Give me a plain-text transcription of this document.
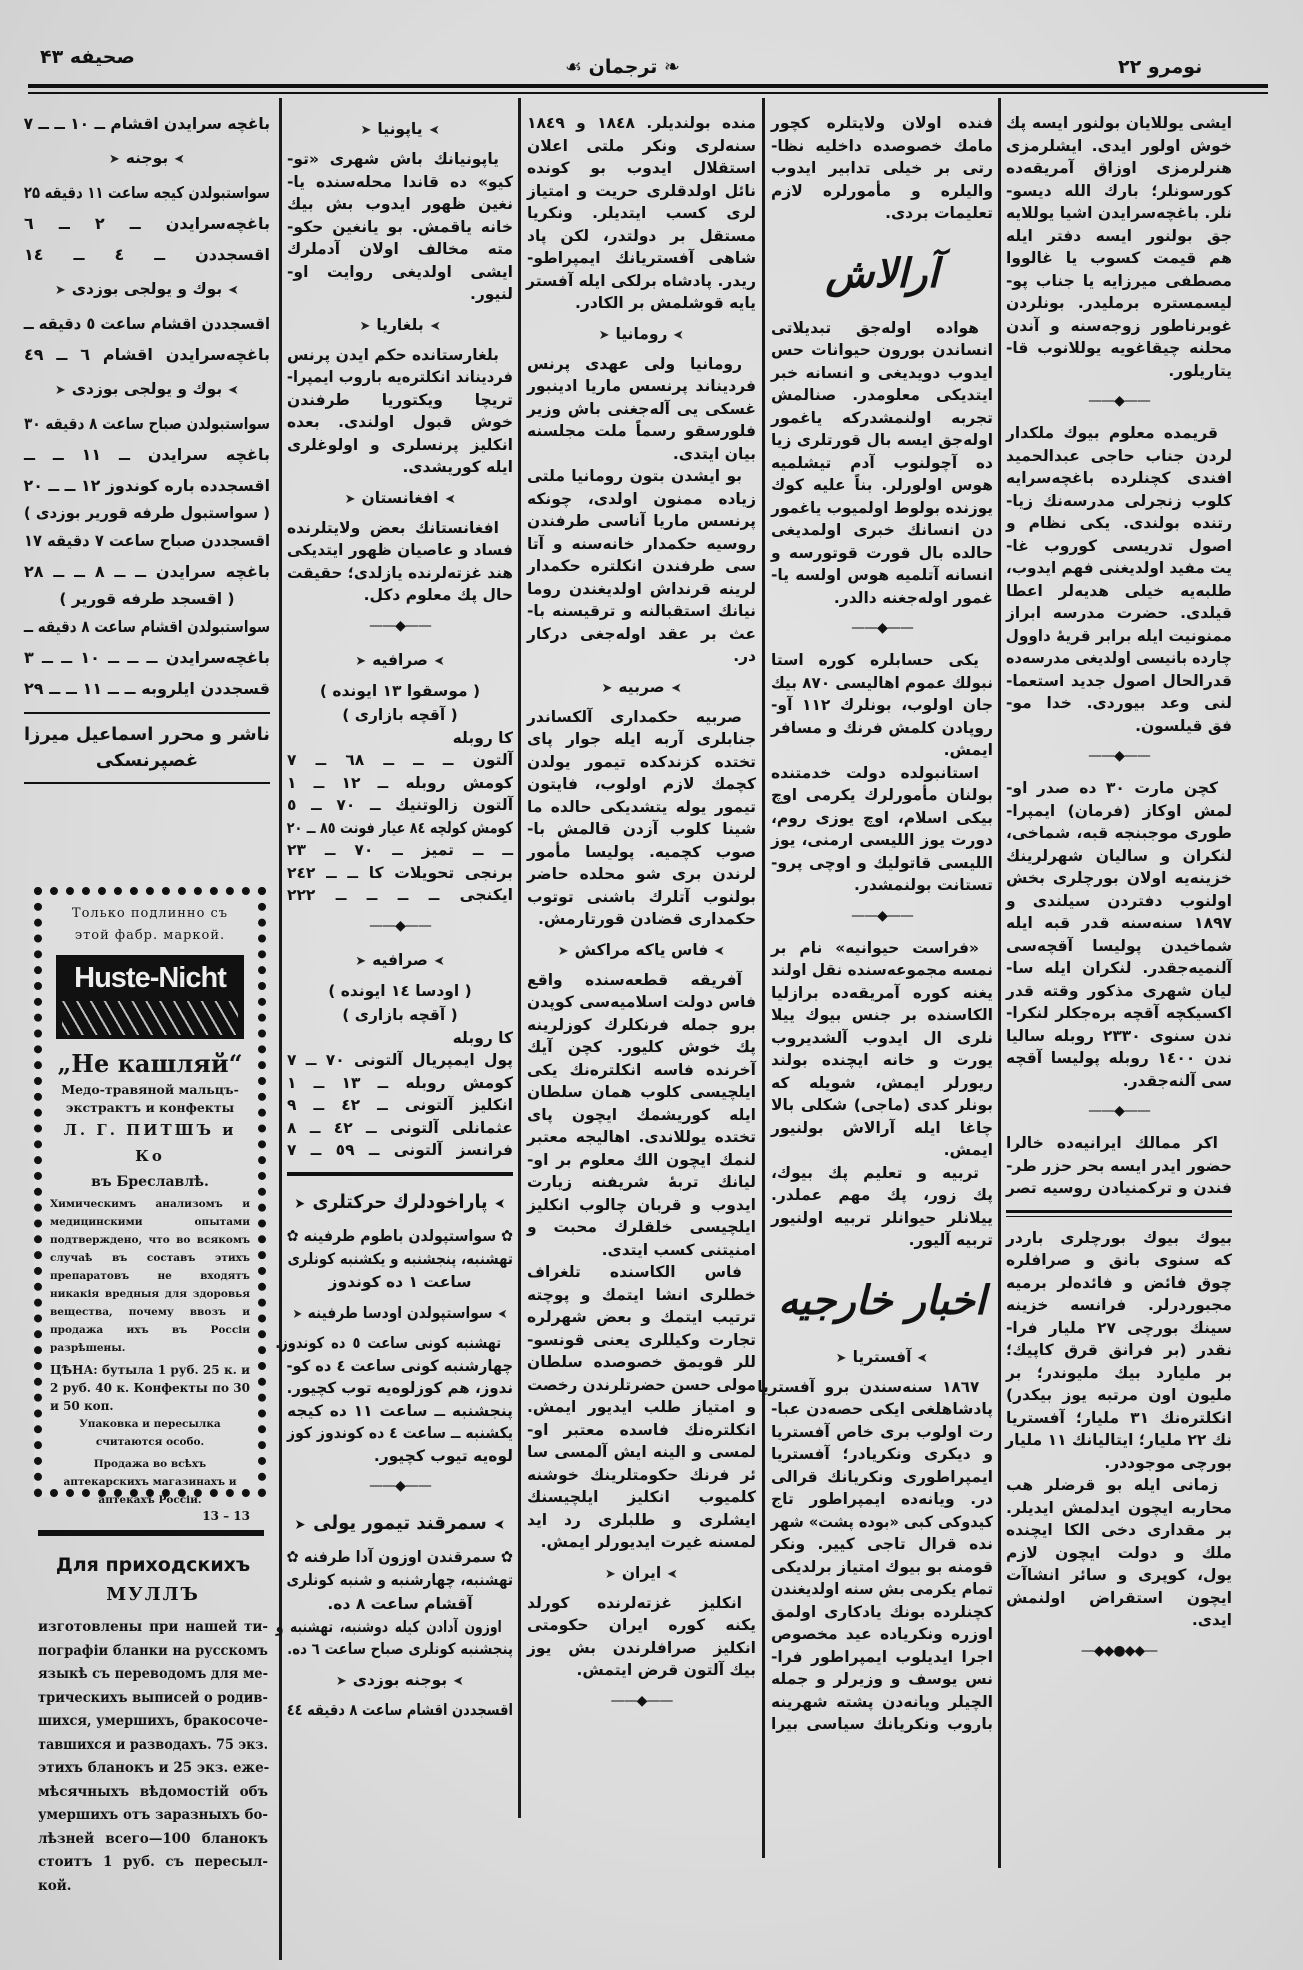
صحیفه ۴۳	❧ ترجمان ☙	نومرو ۲۲
باغچه سرایدن اقشام ــ ۱۰ ــ ــ ۷
➤بوجنه➤
سواستبولدن کیجه ساعت ۱۱ دقیقه ۲۵
باغچه‌سرایدن ــ ۲ ــ ٦
اقسجددن ــ ٤ ــ ۱٤
➤بوك و یولجی بوزدی➤
اقسجددن اقشام ساعت ٥ دقیقه ــ
باغچه‌سرایدن اقشام ٦ ــ ٤۹
➤بوك و یولجی بوزدی➤
سواستبولدن صباح ساعت ۸ دقیقه ۳۰
باغچه سرایدن ــ ۱۱ ــ ــ
اقسجدده باره کوندوز ۱۲ ــ ــ ۲۰
( سواستبول طرفه قوریر بوزدی )
اقسجددن صباح ساعت ۷ دقیقه ۱۷
باغچه سرایدن ــ ــ ۸ ــ ــ ۲۸
( اقسجد طرفه قوریر )
سواستبولدن اقشام ساعت ۸ دقیقه ــ
باغچه‌سرایدن ــ ــ ــ ۱۰ ــ ــ ۳
قسجددن ایلروبه ــ ــ ۱۱ ــ ــ ۲۹
ناشر و محرر اسماعیل میرزا
غصپرنسکی
➤یاپونیا➤
یاپونیانك باش شهری «تو-
کیو» ده قاندا محله‌سنده یا-
نغین ظهور ایدوب بش بیك
خانه یاقمش. بو یانغین حکو-
مته مخالف اولان آدملرك
ایشی اولدیغی روایت او-
لنیور.
➤بلغاریا➤
بلغارستانده حکم ایدن پرنس
فردیناند انکلتره‌یه باروب ایمپرا-
تریچا ویکتوریا طرفندن
خوش قبول اولندی. بعده
انکلیز پرنسلری و اولوغلری
ایله کوریشدی.
➤افغانستان➤
افغانستانك بعض ولایتلرنده
فساد و عاصیان ظهور ایتدیکی
هند غزته‌لرنده یازلدی؛ حقیقت
حال پك معلوم دکل.
——◆——
➤صرافیه➤
( موسقوا ۱۳ ایونده )
( آقچه بازاری )
كا روبله
آلتون ــ ــ ــ ٦۸ ــ ۷
کومش روبله ــ ۱۲ ــ ۱
آلتون زالوتنیك ــ ۷۰ ــ ٥
کومش کولچه ۸٤ عیار فونت ۸٥ ــ ۲۰
ــ ــ تمیز ــ ۷۰ ــ ۲۳
برنجی تحویلات كا ــ ــ ۲٤۲
ایکنجی ــ ــ ــ ــ ۲۲۲
——◆——
➤صرافیه➤
( اودسا ۱٤ ایونده )
( آقچه بازاری )
كا روبله
پول ایمپریال آلتونی ۷۰ ــ ۷
کومش روبله ــ ۱۳ ــ ۱
انکلیز آلتونی ــ ٤۲ ــ ۹
عثمانلی آلتونی ــ ٤۲ ــ ۸
فرانسز آلتونی ــ ٥۹ ــ ۷
➤پاراخودلرك حرکتلری➤
✿ سواستپولدن باطوم طرفینه ✿
تهشنبه، پنجشنبه و یکشنبه کونلری
ساعت ۱ ده کوندوز
➤سواستپولدن اودسا طرفینه➤
تهشنبه کونی ساعت ٥ ده کوندوز.
چهارشنبه کونی ساعت ٤ ده کو-
ندوز، هم کوزلوه‌یه توب کچیور.
پنجشنبه ــ ساعت ۱۱ ده کیجه
یکشنبه ــ ساعت ٤ ده کوندوز کوز
لوه‌یه تیوب کچیور.
——◆——
➤سمرقند تیمور یولی➤
✿ سمرقندن اوزون آدا طرفنه ✿
تهشنبه، چهارشنبه و شنبه کونلری
آقشام ساعت ۸ ده.
اوزون آدادن کیله دوشنبه، تهشنبه و
پنجشنبه کونلری صباح ساعت ٦ ده.
➤بوجنه بوزدی➤
اقسجددن اقشام ساعت ۸ دقیقه ٤٤
منده بولندیلر. ۱۸٤۸ و ۱۸٤۹
سنه‌لری ونکر ملتی اعلان
استقلال ایدوب بو کونده
نائل اولدقلری حریت و امتیاز
لری کسب ایتدیلر. ونکریا
مستقل بر دولتدر، لکن پاد
شاهی آفستریانك ایمپراطو-
ریدر. پادشاه برلکی ایله آفستر
یایه قوشلمش بر الکادر.
➤رومانیا➤
رومانیا ولی عهدی پرنس
فردیناند پرنسس ماریا ادینبور
غسکی یی آله‌جغنی باش وزیر
فلورسقو رسماً ملت مجلسنه
بیان ایتدی.
بو ایشدن بتون رومانیا ملتی
زیاده ممنون اولدی، چونکه
پرنسس ماریا آناسی طرفندن
روسیه حکمدار خانه‌سنه و آتا
سی طرفندن انکلتره حکمدار
لرینه قرنداش اولدیغندن روما
نیانك استقبالنه و ترقیسنه با-
عث بر عقد اوله‌جغی درکار
در.
➤صربیه➤
صربیه حکمداری آلکساندر
جنابلری آربه ایله جوار پای
تختده کزندکده تیمور یولدن
کچمك لازم اولوب، فایتون
تیمور یوله یتشدیکی حالده ما
شینا کلوب آزدن قالمش با-
صوب کچمیه. پولیسا مأمور
لرندن بری شو محلده حاضر
بولنوب آتلرك باشنی توتوب
حکمداری قضادن قورتارمش.
➤فاس یاکه مراکش➤
آفریقه قطعه‌سنده واقع
فاس دولت اسلامیه‌سی کوپدن
برو جمله فرنکلرك کوزلرینه
پك خوش کلیور. کچن آیك
آخرنده فاسه انکلتره‌نك یکی
ایلچیسی کلوب همان سلطان
ایله کوریشمك ایچون پای
تختده یوللاندی. اهالیجه معتبر
لنمك ایچون الك معلوم بر او-
لیانك تربهٔ شریفنه زیارت
ایدوب و قربان چالوب انکلیز
ایلچیسی خلقلرك محبت و
امنیتنی کسب ایتدی.
فاس الکاسنده تلغراف
خطلری انشا ایتمك و پوچته
ترتیب ایتمك و بعض شهرلره
تجارت وکیللری یعنی قونسو-
للر قویمق خصوصده سلطان
مولی حسن حضرتلرندن رخصت
و امتیاز طلب ایدیور ایمش.
انکلتره‌نك فاسده معتبر او-
لمسی و الینه ایش آلمسی سا
ئر فرنك حکومتلرینك خوشنه
کلمیوب انکلیز ایلچیسنك
ایشلری و طلبلری رد اید
لمسنه غیرت ایدیورلر ایمش.
➤ایران➤
انکلیز غزته‌لرنده کورلد
یکنه کوره ایران حکومتی
انکلیز صرافلرندن بش یوز
بیك آلتون قرض ایتمش.
——◆——
فنده اولان ولایتلره کچور
مامك خصوصده داخلیه نظا-
رتی بر خیلی تدابیر ایدوب
والیلره و مأمورلره لازم
تعلیمات بردی.
آرالاش
هواده اوله‌جق تبدیلاتی
انساندن بورون حیوانات حس
ایدوب دویدیغی و انسانه خبر
ایتدیکی معلومدر. صنالمش
تجربه اولنمشدرکه یاغمور
اوله‌جق ایسه بال قورتلری زیا
ده آچولنوب آدم تیشلمیه
هوس اولورلر. بناً علیه کوك
یوزنده بولوط اولمیوب یاغمور
دن انسانك خبری اولمدیغی
حالده بال قورت قوتورسه و
انسانه آتلمیه هوس اولسه یا-
غمور اوله‌جغنه دالدر.
——◆——
یکی حسابلره کوره استا
نبولك عموم اهالیسی ۸۷۰ بیك
جان اولوب، بونلرك ۱۱۲ آو-
روپادن کلمش فرنك و مسافر
ایمش.
استانبولده دولت خدمتنده
بولنان مأمورلرك یکرمی اوچ
بیکی اسلام، اوچ یوزی روم،
دورت یوز اللیسی ارمنی، یوز
اللیسی قاتولیك و اوچی پرو-
تستانت بولنمشدر.
——◆——
«فراست حیوانیه» نام بر
نمسه مجموعه‌سنده نقل اولند
یغنه کوره آمریقه‌ده برازلیا
الکاسنده بر جنس بیوك ییلا
نلری ال ایدوب آلشدیروب
یورت و خانه ایچنده بولند
ریورلر ایمش، شویله که
بونلر کدی (ماجی) شکلی بالا
چاغا ایله آرالاش بولنیور
ایمش.
تربیه و تعلیم پك بیوك،
پك زور، پك مهم عملدر.
ییلانلر حیوانلر تربیه اولنیور
تربیه آلیور.
اخبار خارجیه
➤آفستریا➤
۱۸٦۷ سنه‌سندن برو آفستریا
پادشاهلغی ایکی حصه‌دن عبا-
رت اولوب بری خاص آفستریا
و دیکری ونکریادر؛ آفستریا
ایمپراطوری ونکریانك قرالی
در. ویانه‌ده ایمپراطور تاج
کیدوکی کبی «بوده پشت» شهر
نده قرال تاجی کییر. ونکر
قومنه بو بیوك امتیاز برلدیکی
تمام یکرمی بش سنه اولدیغندن
کچنلرده بونك یادکاری اولمق
اوزره ونکریاده عید مخصوص
اجرا ایدیلوب ایمپراطور فرا-
نس یوسف و وزیرلر و جمله
الچیلر ویانه‌دن پشته شهرینه
باروب ونکریانك سیاسی بیرا
ایشی یوللایان بولنور ایسه پك
خوش اولور ایدی. ایشلرمزی
هنرلرمزی اوزاق آمریقه‌ده
کورسونلر؛ بارك الله دیسو-
نلر. باغچه‌سرایدن اشیا یوللایه
جق بولنور ایسه دفتر ایله
هم قیمت کسوب یا غالووا
مصطفی میرزایه یا جناب پو-
لیسمستره برملیدر. بونلردن
غوبرناطور زوجه‌سنه و آندن
محلنه چیقاغویه یوللانوب قا-
یتاریلور.
——◆——
قریمده معلوم بیوك ملکدار
لردن جناب حاجی عبدالحمید
افندی کچنلرده باغچه‌سرایه
کلوب زنجرلی مدرسه‌نك زیا-
رتنده بولندی. یکی نظام و
اصول تدریسی کوروب غا-
یت مفید اولدیغنی فهم ایدوب،
طلبه‌یه خیلی هدیه‌لر اعطا
قیلدی. حضرت مدرسه ابراز
ممنونیت ایله برابر قریهٔ داوول
چارده بانیسی اولدیغی مدرسه‌ده
قدرالحال اصول جدید استعما-
لنی وعد بیوردی. خدا مو-
فق قیلسون.
——◆——
کچن مارت ۳۰ ده صدر او-
لمش اوکاز (فرمان) ایمپرا-
طوری موجبنجه قبه، شماخی،
لنکران و سالیان شهرلرینك
خزینه‌یه اولان بورچلری بخش
اولنوب دفتردن سیلندی و
۱۸۹۷ سنه‌سنه قدر قبه ایله
شماخیدن پولیسا آقچه‌سی
آلنمیه‌جقدر. لنکران ایله سا-
لیان شهری مذکور وقته قدر
اکسیکچه آقچه برەجکلر لنکرا-
ندن سنوی ۲۳۳۰ روبله سالیا
ندن ۱٤۰۰ روبله پولیسا آقچه
سی آلنه‌جقدر.
——◆——
اکر ممالك ایرانیه‌ده خالرا
حضور ایدر ایسه بحر حزر طر-
فندن و ترکمنیادن روسیه تصر
بیوك بیوك بورچلری باردر
که سنوی بانق و صرافلره
چوق فائض و فائده‌لر برمیه
مجبوردرلر. فرانسه خزینه
سینك بورچی ۲۷ ملیار فرا-
نقدر (بر فرانق قرق کاپیك؛
بر ملیارد بیك ملیوندر؛ بر
ملیون اون مرتبه یوز بیکدر)
انکلتره‌نك ۳۱ ملیار؛ آفستریا
نك ۲۲ ملیار؛ ایتالیانك ۱۱ ملیار
بورچی موجوددر.
زمانی ایله بو قرضلر هب
محاربه ایچون ایدلمش ایدیلر.
بر مقداری دخی الکا ایچنده
ملك و دولت ایچون لازم
یول، کوپری و سائر انشاآت
ایچون استقراض اولنمش
ایدی.
—◆◆●◆◆—
Только подлинно съ
этой фабр. маркой.
Huste-Nicht
„Не кашляй“
Медо-травяной мальцъ-экстрактъ и конфекты
Л. Г. ПИТШЪ и Ко
въ Бреславлѣ.
Химическимъ анализомъ и медицинскими опытами подтверждено, что во всякомъ случаѣ въ составъ этихъ препаратовъ не входятъ никакія вредныя для здоровья вещества, почему ввозъ и продажа ихъ въ Россіи разрѣшены.
ЦѢНА: бутыла 1 руб. 25 к. и 2 руб. 40 к. Конфекты по 30 и 50 коп.
Упаковка и пересылка считаются особо.
Продажа во всѣхъ аптекарскихъ магазинахъ и аптекахъ Россіи.
13 – 13
Для приходскихъ
МУЛЛЪ
изготовлены при нашей ти-
пографіи бланки на русскомъ
языкѣ съ переводомъ для ме-
трическихъ выписей о родив-
шихся, умершихъ, бракосоче-
тавшихся и разводахъ. 75 экз.
этихъ бланокъ и 25 экз. еже-
мѣсячныхъ вѣдомостій объ
умершихъ отъ заразныхъ бо-
лѣзней всего—100 бланокъ
стоитъ 1 руб. съ пересыл-
кой.
